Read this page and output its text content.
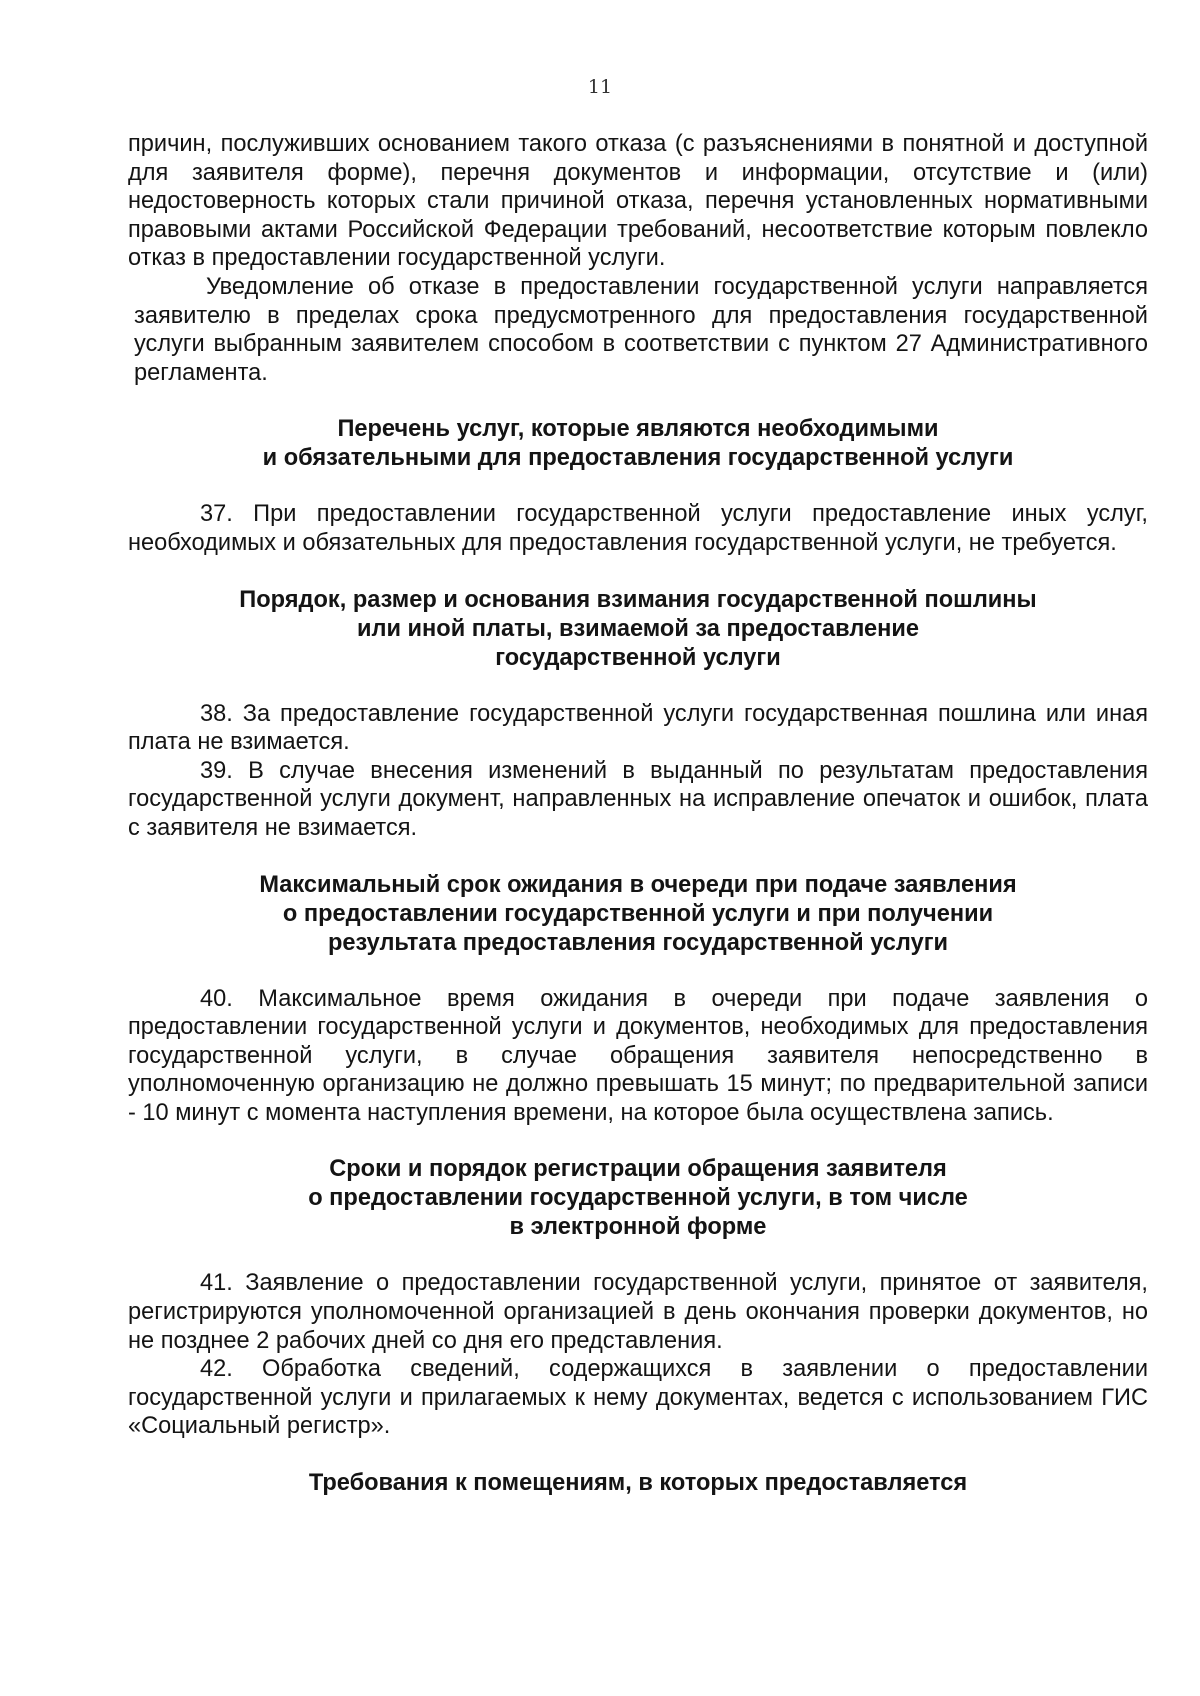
11

причин, послуживших основанием такого отказа (с разъяснениями в понятной и доступной для заявителя форме), перечня документов и информации, отсутствие и (или) недостоверность которых стали причиной отказа, перечня установленных нормативными правовыми актами Российской Федерации требований, несоответствие которым повлекло отказ в предоставлении государственной услуги.

Уведомление об отказе в предоставлении государственной услуги направляется заявителю в пределах срока предусмотренного для предоставления государственной услуги выбранным заявителем способом в соответствии с пунктом 27 Административного регламента.

Перечень услуг, которые являются необходимыми

и обязательными для предоставления государственной услуги

37. При предоставлении государственной услуги предоставление иных услуг, необходимых и обязательных для предоставления государственной услуги, не требуется.

Порядок, размер и основания взимания государственной пошлины

или иной платы, взимаемой за предоставление

государственной услуги

38. За предоставление государственной услуги государственная пошлина или иная плата не взимается.

39. В случае внесения изменений в выданный по результатам предоставления государственной услуги документ, направленных на исправление опечаток и ошибок, плата с заявителя не взимается.

Максимальный срок ожидания в очереди при подаче заявления

о предоставлении государственной услуги и при получении

результата предоставления государственной услуги

40. Максимальное время ожидания в очереди при подаче заявления о предоставлении государственной услуги и документов, необходимых для предоставления государственной услуги, в случае обращения заявителя непосредственно в уполномоченную организацию не должно превышать 15 минут; по предварительной записи - 10 минут с момента наступления времени, на которое была осуществлена запись.

Сроки и порядок регистрации обращения заявителя

о предоставлении государственной услуги, в том числе

в электронной форме

41. Заявление о предоставлении государственной услуги, принятое от заявителя, регистрируются уполномоченной организацией в день окончания проверки документов, но не позднее 2 рабочих дней со дня его представления.

42. Обработка сведений, содержащихся в заявлении о предоставлении государственной услуги и прилагаемых к нему документах, ведется с использованием ГИС «Социальный регистр».

Требования к помещениям, в которых предоставляется
